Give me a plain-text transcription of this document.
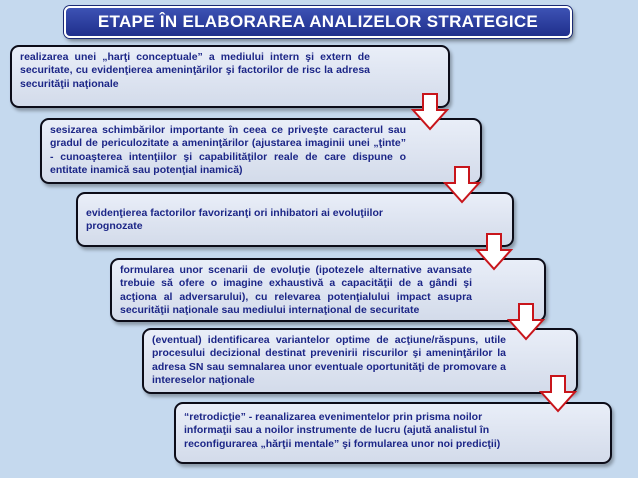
ETAPE ÎN ELABORAREA ANALIZELOR STRATEGICE
realizarea unei „harţi conceptuale” a mediului intern şi extern de securitate, cu evidenţierea ameninţărilor şi factorilor de risc la adresa securităţii naţionale
sesizarea schimbărilor importante în ceea ce priveşte caracterul sau gradul de periculozitate a ameninţărilor (ajustarea imaginii unei „ţinte” - cunoaşterea intenţiilor şi capabilităţilor reale de care dispune o entitate inamică sau potenţial inamică)
evidenţierea factorilor favorizanţi ori inhibatori ai evoluţiilor prognozate
formularea unor scenarii de evoluţie (ipotezele alternative avansate trebuie să ofere o imagine exhaustivă a capacităţii de a gândi şi acţiona al adversarului), cu relevarea potenţialului impact asupra securităţii naţionale sau mediului internaţional de securitate
(eventual) identificarea variantelor optime de acţiune/răspuns, utile procesului decizional destinat prevenirii riscurilor şi ameninţărilor la adresa SN sau semnalarea unor eventuale oportunităţi de promovare a intereselor naţionale
“retrodicţie” - reanalizarea evenimentelor prin prisma noilor informaţii sau a noilor instrumente de lucru (ajută analistul în reconfigurarea „hărţii mentale” şi formularea unor noi predicţii)
